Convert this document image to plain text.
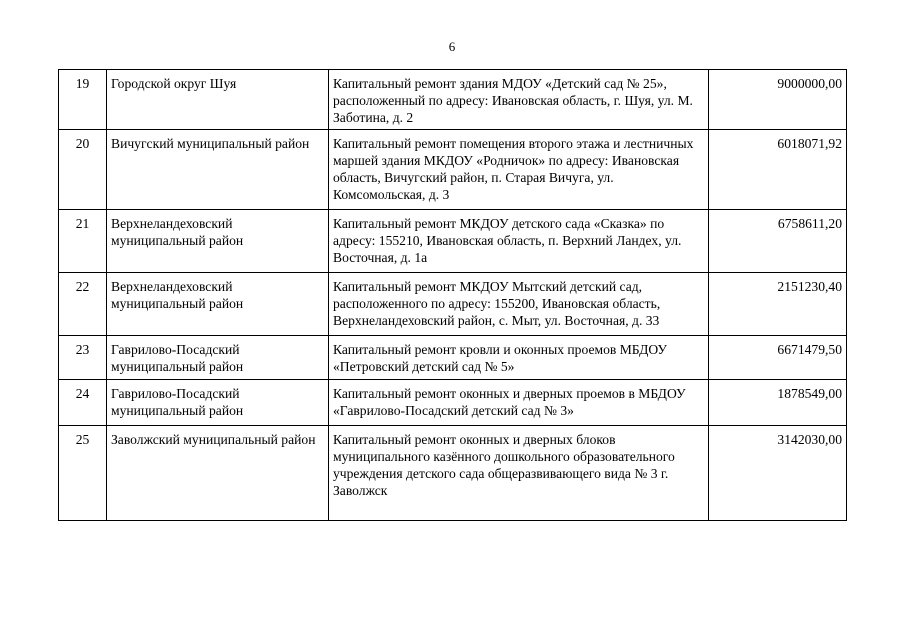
6
19	Городской округ Шуя	Капитальный ремонт здания МДОУ «Детский сад № 25», расположенный по адресу: Ивановская область, г. Шуя, ул. М. Заботина, д. 2	9000000,00
20	Вичугский муниципальный район	Капитальный ремонт помещения второго этажа и лестничных маршей здания МКДОУ «Родничок» по адресу: Ивановская область, Вичугский район, п. Старая Вичуга, ул. Комсомольская, д. 3	6018071,92
21	Верхнеландеховский муниципальный район	Капитальный ремонт МКДОУ детского сада «Сказка» по адресу: 155210, Ивановская область, п. Верхний Ландех, ул. Восточная, д. 1а	6758611,20
22	Верхнеландеховский муниципальный район	Капитальный ремонт МКДОУ Мытский детский сад, расположенного по адресу: 155200, Ивановская область, Верхнеландеховский район, с. Мыт, ул. Восточная, д. 33	2151230,40
23	Гаврилово-Посадский муниципальный район	Капитальный ремонт кровли и оконных проемов МБДОУ «Петровский детский сад № 5»	6671479,50
24	Гаврилово-Посадский муниципальный район	Капитальный ремонт оконных и дверных проемов в МБДОУ «Гаврилово-Посадский детский сад № 3»	1878549,00
25	Заволжский муниципальный район	Капитальный ремонт оконных и дверных блоков муниципального казённого дошкольного образовательного учреждения детского сада общеразвивающего вида № 3 г. Заволжск	3142030,00
